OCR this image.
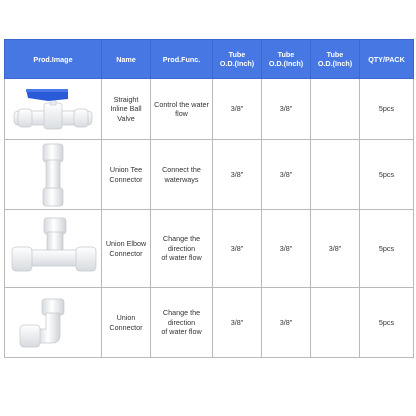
Prod.Image	Name	Prod.Func.	Tube
O.D.(Inch)	Tube
O.D.(Inch)	Tube
O.D.(Inch)	QTY/PACK

	Straight
Inline Ball
Valve	Control the water
flow	3/8"	3/8"		5pcs

	Union Tee
Connector	Connect the
waterways	3/8"	3/8"		5pcs

	Union Elbow
Connector	Change the
direction
of water flow	3/8"	3/8"	3/8"	5pcs

	Union
Connector	Change the
direction
of water flow	3/8"	3/8"		5pcs
